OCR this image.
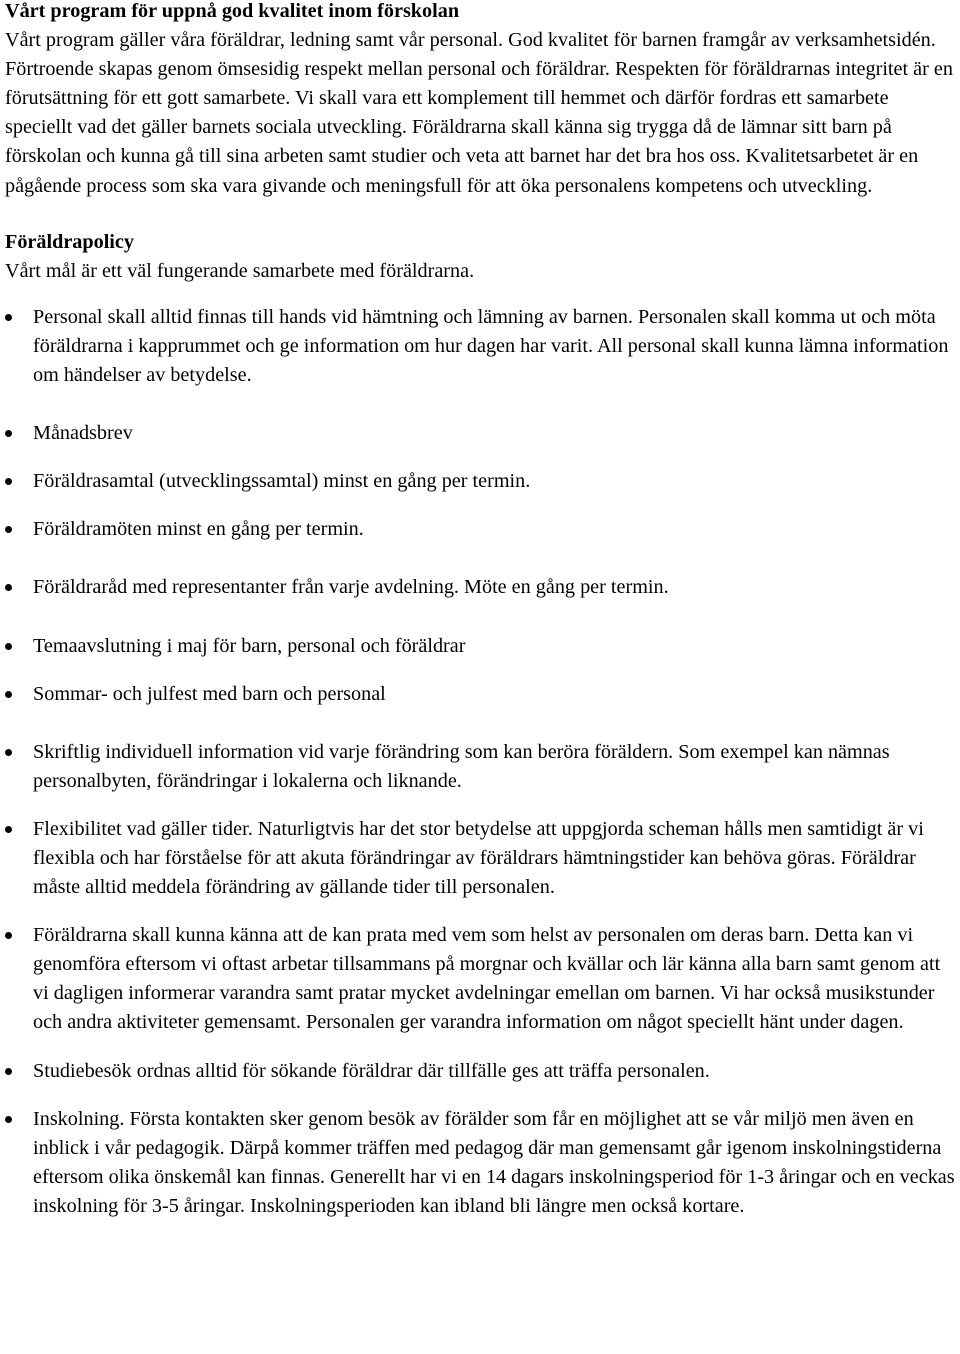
Vårt program för uppnå god kvalitet inom förskolan

Vårt program gäller våra föräldrar, ledning samt vår personal. God kvalitet för barnen framgår av verksamhetsidén. Förtroende skapas genom ömsesidig respekt mellan personal och föräldrar. Respekten för föräldrarnas integritet är en förutsättning för ett gott samarbete. Vi skall vara ett komplement till hemmet och därför fordras ett samarbete speciellt vad det gäller barnets sociala utveckling. Föräldrarna skall känna sig trygga då de lämnar sitt barn på förskolan och kunna gå till sina arbeten samt studier och veta att barnet har det bra hos oss. Kvalitetsarbetet är en pågående process som ska vara givande och meningsfull för att öka personalens kompetens och utveckling.

Föräldrapolicy

Vårt mål är ett väl fungerande samarbete med föräldrarna.

Personal skall alltid finnas till hands vid hämtning och lämning av barnen. Personalen skall komma ut och möta föräldrarna i kapprummet och ge information om hur dagen har varit. All personal skall kunna lämna information om händelser av betydelse.
Månadsbrev
Föräldrasamtal (utvecklingssamtal) minst en gång per termin.
Föräldramöten minst en gång per termin.
Föräldraråd med representanter från varje avdelning. Möte en gång per termin.
Temaavslutning i maj för barn, personal och föräldrar
Sommar- och julfest med barn och personal
Skriftlig individuell information vid varje förändring som kan beröra föräldern. Som exempel kan nämnas personalbyten, förändringar i lokalerna och liknande.
Flexibilitet vad gäller tider. Naturligtvis har det stor betydelse att uppgjorda scheman hålls men samtidigt är vi flexibla och har förståelse för att akuta förändringar av föräldrars hämtningstider kan behöva göras. Föräldrar måste alltid meddela förändring av gällande tider till personalen.
Föräldrarna skall kunna känna att de kan prata med vem som helst av personalen om deras barn. Detta kan vi genomföra eftersom vi oftast arbetar tillsammans på morgnar och kvällar och lär känna alla barn samt genom att vi dagligen informerar varandra samt pratar mycket avdelningar emellan om barnen. Vi har också musikstunder och andra aktiviteter gemensamt. Personalen ger varandra information om något speciellt hänt under dagen.
Studiebesök ordnas alltid för sökande föräldrar där tillfälle ges att träffa personalen.
Inskolning. Första kontakten sker genom besök av förälder som får en möjlighet att se vår miljö men även en inblick i vår pedagogik. Därpå kommer träffen med pedagog där man gemensamt går igenom inskolningstiderna eftersom olika önskemål kan finnas. Generellt har vi en 14 dagars inskolningsperiod för 1-3 åringar och en veckas inskolning för 3-5 åringar. Inskolningsperioden kan ibland bli längre men också kortare.
